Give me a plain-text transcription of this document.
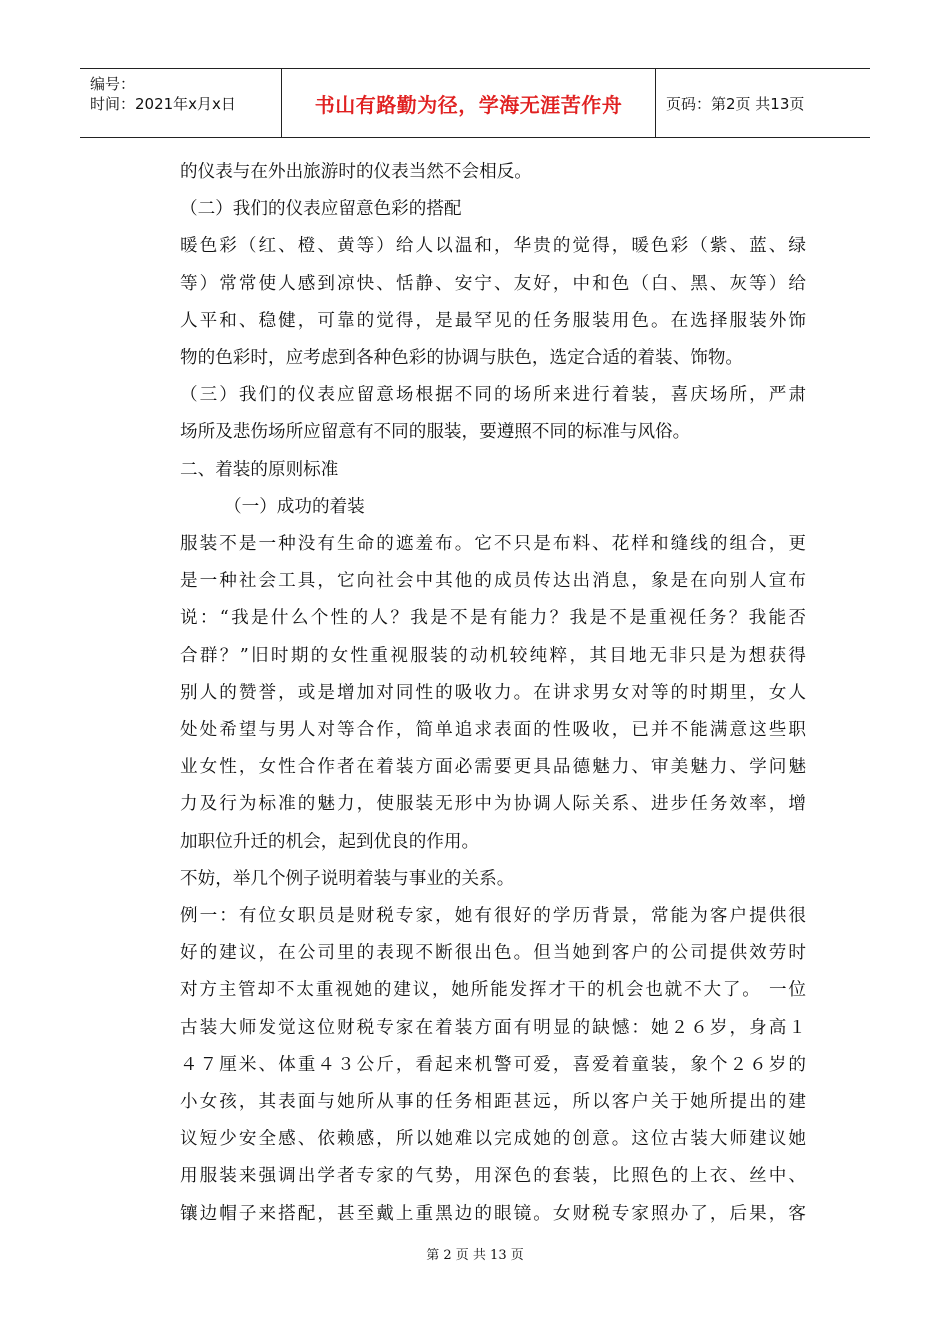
编号：
时间：2021年x月x日	书山有路勤为径，学海无涯苦作舟	页码：第2页 共13页

的仪表与在外出旅游时的仪表当然不会相反。

（二）我们的仪表应留意色彩的搭配

暖色彩（红、橙、黄等）给人以温和，华贵的觉得，暖色彩（紫、蓝、绿

等）常常使人感到凉快、恬静、安宁、友好，中和色（白、黑、灰等）给

人平和、稳健，可靠的觉得，是最罕见的任务服装用色。在选择服装外饰

物的色彩时，应考虑到各种色彩的协调与肤色，选定合适的着装、饰物。

（三）我们的仪表应留意场根据不同的场所来进行着装，喜庆场所，严肃

场所及悲伤场所应留意有不同的服装，要遵照不同的标准与风俗。

二、着装的原则标准

（一）成功的着装

服装不是一种没有生命的遮羞布。它不只是布料、花样和缝线的组合，更

是一种社会工具，它向社会中其他的成员传达出消息，象是在向别人宣布

说：“我是什么个性的人？我是不是有能力？我是不是重视任务？我能否

合群？”旧时期的女性重视服装的动机较纯粹，其目地无非只是为想获得

别人的赞誉，或是增加对同性的吸收力。在讲求男女对等的时期里，女人

处处希望与男人对等合作，简单追求表面的性吸收，已并不能满意这些职

业女性，女性合作者在着装方面必需要更具品德魅力、审美魅力、学问魅

力及行为标准的魅力，使服装无形中为协调人际关系、进步任务效率，增

加职位升迁的机会，起到优良的作用。

不妨，举几个例子说明着装与事业的关系。

例一：有位女职员是财税专家，她有很好的学历背景，常能为客户提供很

好的建议，在公司里的表现不断很出色。但当她到客户的公司提供效劳时

对方主管却不太重视她的建议，她所能发挥才干的机会也就不大了。 一位

古装大师发觉这位财税专家在着装方面有明显的缺憾：她２６岁，身高１

４７厘米、体重４３公斤，看起来机警可爱，喜爱着童装，象个２６岁的

小女孩，其表面与她所从事的任务相距甚远，所以客户关于她所提出的建

议短少安全感、依赖感，所以她难以完成她的创意。这位古装大师建议她

用服装来强调出学者专家的气势，用深色的套装，比照色的上衣、丝中、

镶边帽子来搭配，甚至戴上重黑边的眼镜。女财税专家照办了，后果，客

第 2 页 共 13 页
